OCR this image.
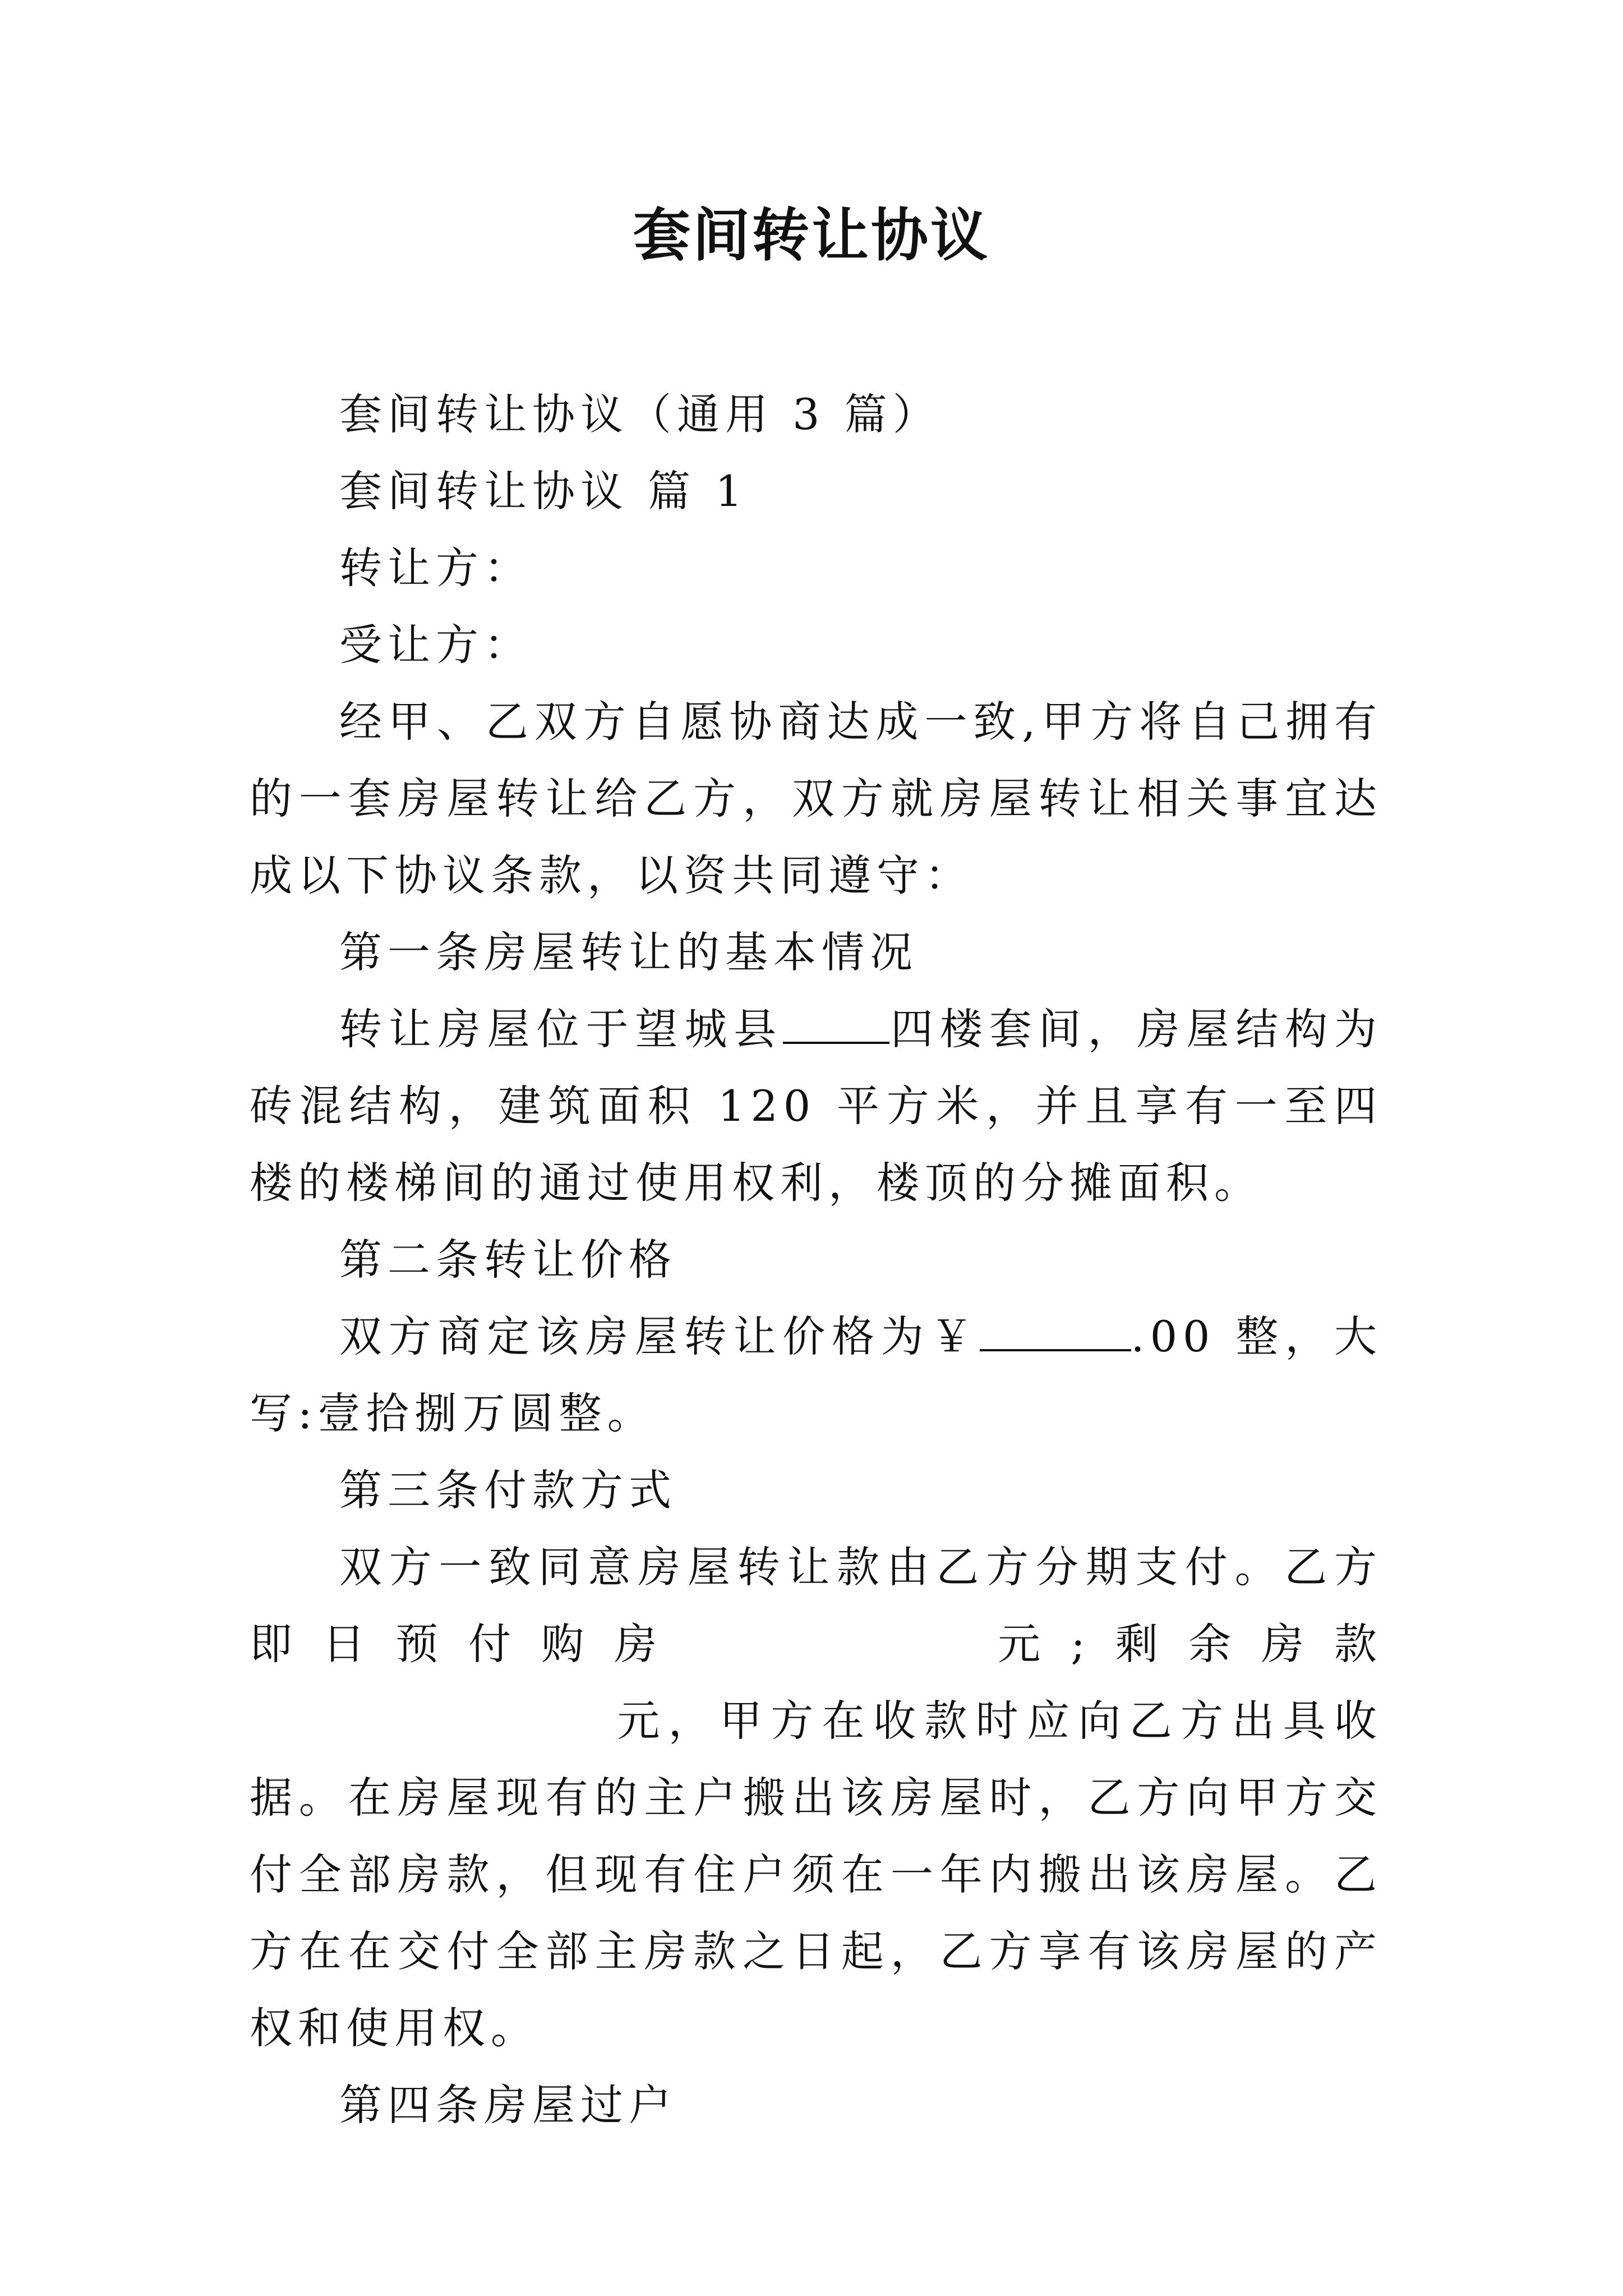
套间转让协议

套间转让协议（通用 3 篇）

套间转让协议 篇 1

转让方：

受让方：

经甲、乙双方自愿协商达成一致,甲方将自己拥有的一套房屋转让给乙方，双方就房屋转让相关事宜达成以下协议条款，以资共同遵守：

第一条房屋转让的基本情况

转让房屋位于望城县	四楼套间，房屋结构为砖混结构，建筑面积 120 平方米，并且享有一至四楼的楼梯间的通过使用权利，楼顶的分摊面积。

第二条转让价格

双方商定该房屋转让价格为￥	.00 整，大写:壹拾捌万圆整。

第三条付款方式

双方一致同意房屋转让款由乙方分期支付。乙方即日预付购房	元;剩余房款元，甲方在收款时应向乙方出具收据。在房屋现有的主户搬出该房屋时，乙方向甲方交付全部房款，但现有住户须在一年内搬出该房屋。乙方在在交付全部主房款之日起，乙方享有该房屋的产权和使用权。

第四条房屋过户
